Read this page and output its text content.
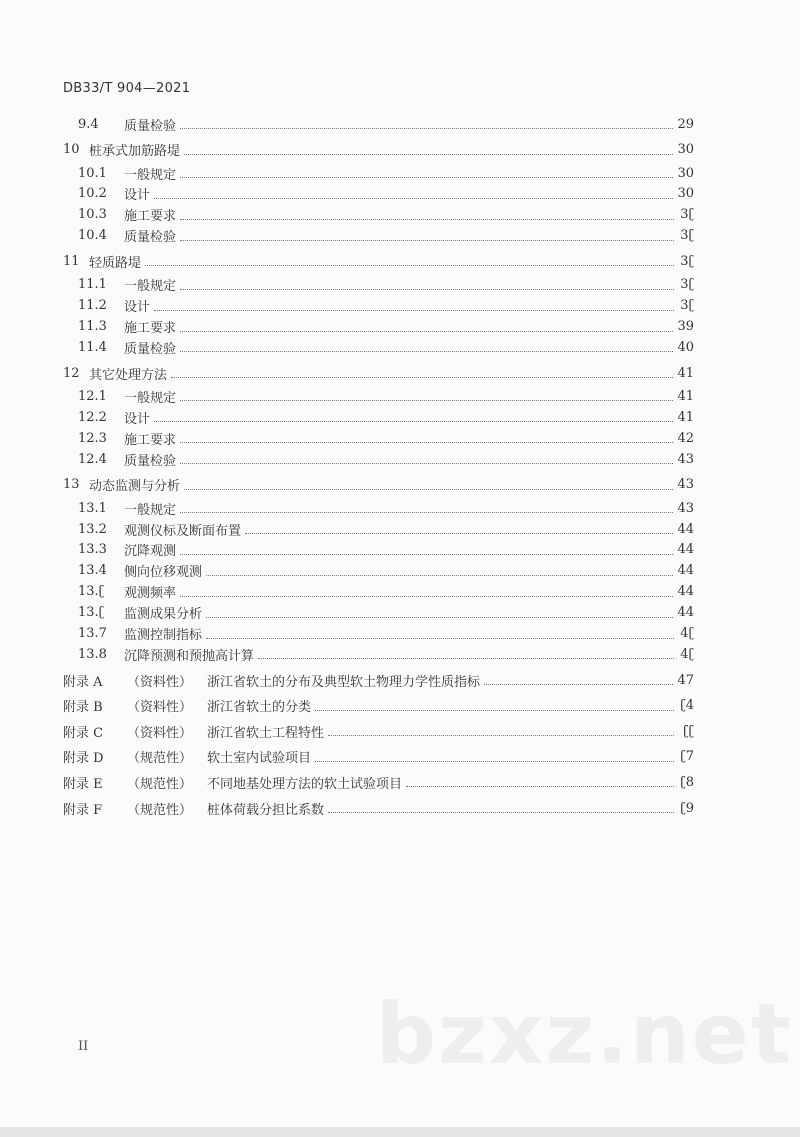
DB33/T 904—2021
9.4	质量检验	29
10 桩承式加筋路堤	30
10.1	一般规定	30
10.2	设计	30
10.3	施工要求	3ʗ
10.4	质量检验	3ʗ
11 轻质路堤	3ʗ
11.1	一般规定	3ʗ
11.2	设计	3ʗ
11.3	施工要求	39
11.4	质量检验	40
12 其它处理方法	41
12.1	一般规定	41
12.2	设计	41
12.3	施工要求	42
12.4	质量检验	43
13 动态监测与分析	43
13.1	一般规定	43
13.2	观测仪标及断面布置	44
13.3	沉降观测	44
13.4	侧向位移观测	44
13.ʗ	观测频率	44
13.ʗ	监测成果分析	44
13.7	监测控制指标	4ʗ
13.8	沉降预测和预抛高计算	4ʗ
附录 A	（资料性）	浙江省软土的分布及典型软土物理力学性质指标	47
附录 B	（资料性）	浙江省软土的分类	ʗ4
附录 C	（资料性）	浙江省软土工程特性	ʗʗ
附录 D	（规范性）	软土室内试验项目	ʗ7
附录 E	（规范性）	不同地基处理方法的软土试验项目	ʗ8
附录 F	（规范性）	桩体荷载分担比系数	ʗ9
II	bzxz.net
